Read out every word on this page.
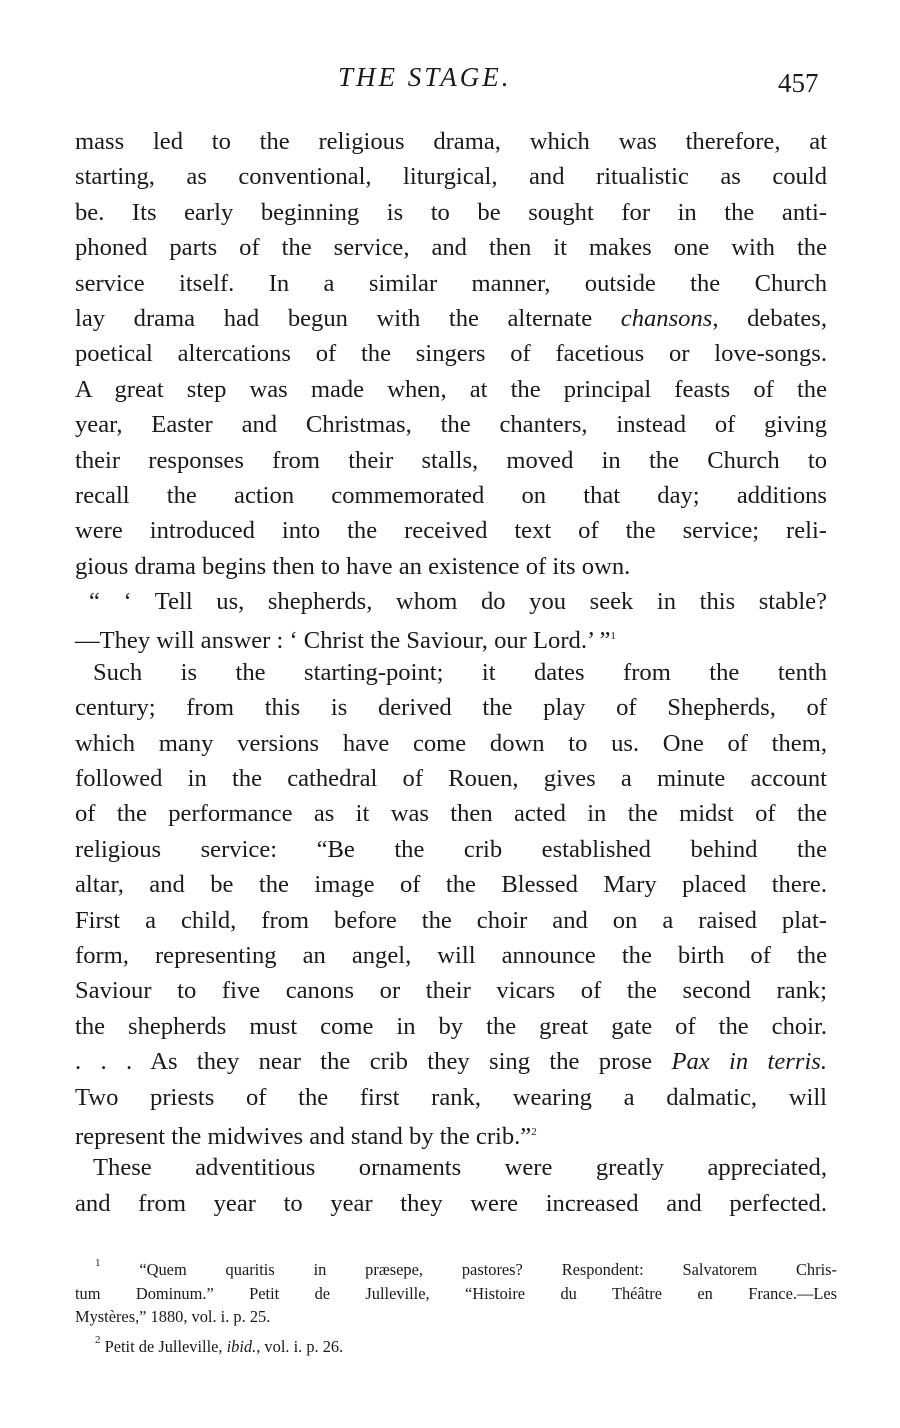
THE STAGE.	457
mass led to the religious drama, which was therefore, at
starting, as conventional, liturgical, and ritualistic as could
be. Its early beginning is to be sought for in the anti-
phoned parts of the service, and then it makes one with the
service itself. In a similar manner, outside the Church
lay drama had begun with the alternate chansons, debates,
poetical altercations of the singers of facetious or love-songs.
A great step was made when, at the principal feasts of the
year, Easter and Christmas, the chanters, instead of giving
their responses from their stalls, moved in the Church to
recall the action commemorated on that day; additions
were introduced into the received text of the service; reli-
gious drama begins then to have an existence of its own.
“ ‘ Tell us, shepherds, whom do you seek in this stable?
—They will answer : ‘ Christ the Saviour, our Lord.’ ”$^1$
Such is the starting-point; it dates from the tenth
century; from this is derived the play of Shepherds, of
which many versions have come down to us. One of them,
followed in the cathedral of Rouen, gives a minute account
of the performance as it was then acted in the midst of the
religious service: “Be the crib established behind the
altar, and be the image of the Blessed Mary placed there.
First a child, from before the choir and on a raised plat-
form, representing an angel, will announce the birth of the
Saviour to five canons or their vicars of the second rank;
the shepherds must come in by the great gate of the choir.
. . . As they near the crib they sing the prose Pax in terris.
Two priests of the first rank, wearing a dalmatic, will
represent the midwives and stand by the crib.”$^2$
These adventitious ornaments were greatly appreciated,
and from year to year they were increased and perfected.
$^1$ “Quem quaritis in præsepe, pastores? Respondent: Salvatorem Chris-
tum Dominum.” Petit de Julleville, “Histoire du Théâtre en France.—Les
Mystères,” 1880, vol. i. p. 25.
$^2$ Petit de Julleville, ibid., vol. i. p. 26.
